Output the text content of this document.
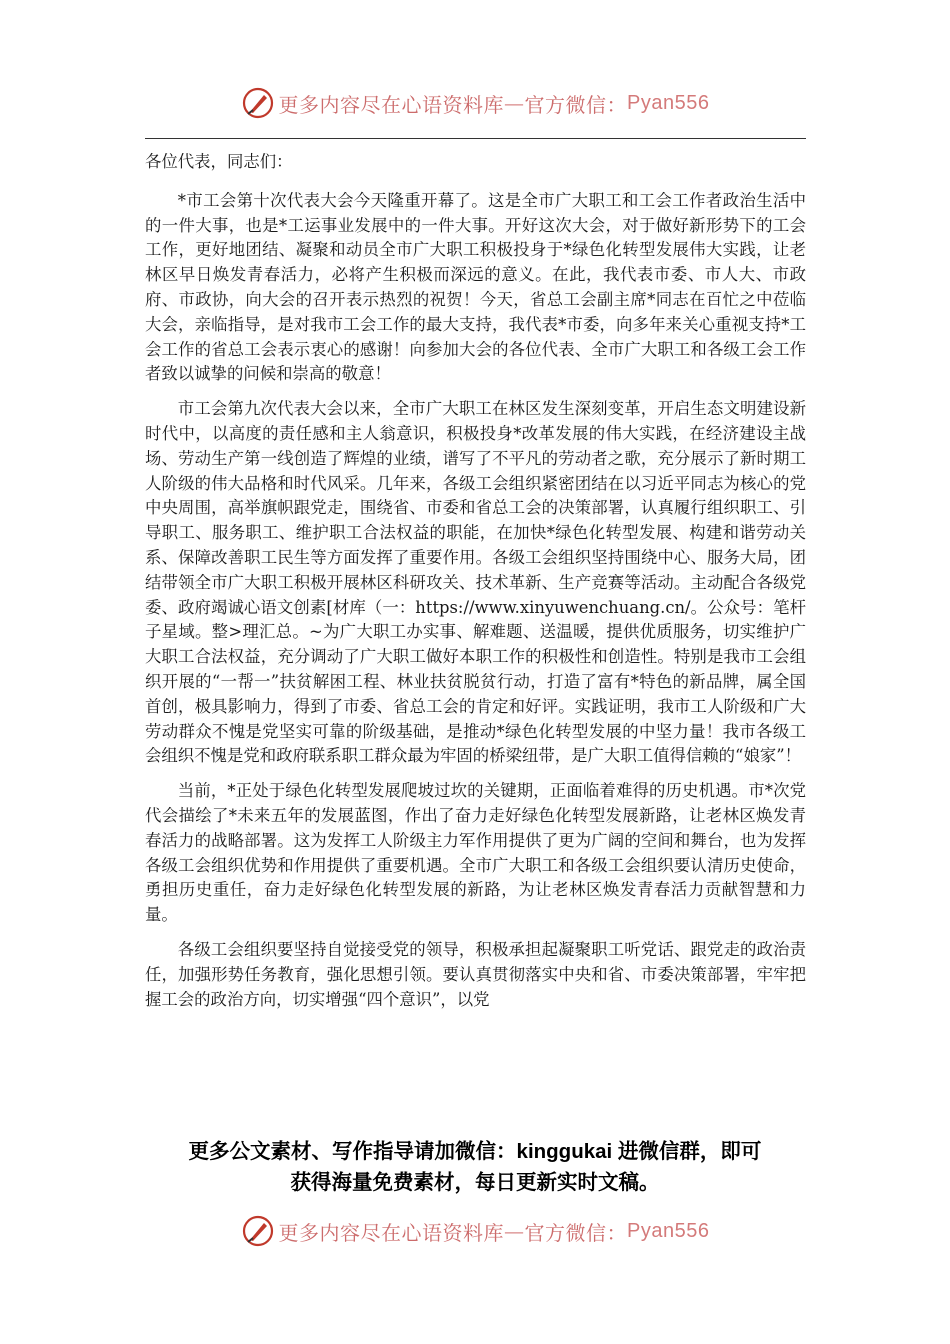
更多内容尽在心语资料库 — 官方微信： Pyan556

各位代表，同志们：

*市工会第十次代表大会今天隆重开幕了。这是全市广大职工和工会工作者政治生活中的一件大事，也是*工运事业发展中的一件大事。开好这次大会，对于做好新形势下的工会工作，更好地团结、凝聚和动员全市广大职工积极投身于*绿色化转型发展伟大实践，让老林区早日焕发青春活力，必将产生积极而深远的意义。在此，我代表市委、市人大、市政府、市政协，向大会的召开表示热烈的祝贺！今天，省总工会副主席*同志在百忙之中莅临大会，亲临指导，是对我市工会工作的最大支持，我代表*市委，向多年来关心重视支持*工会工作的省总工会表示衷心的感谢！向参加大会的各位代表、全市广大职工和各级工会工作者致以诚挚的问候和崇高的敬意！

市工会第九次代表大会以来，全市广大职工在林区发生深刻变革，开启生态文明建设新时代中，以高度的责任感和主人翁意识，积极投身*改革发展的伟大实践，在经济建设主战场、劳动生产第一线创造了辉煌的业绩，谱写了不平凡的劳动者之歌，充分展示了新时期工人阶级的伟大品格和时代风采。几年来，各级工会组织紧密团结在以习近平同志为核心的党中央周围，高举旗帜跟党走，围绕省、市委和省总工会的决策部署，认真履行组织职工、引导职工、服务职工、维护职工合法权益的职能，在加快*绿色化转型发展、构建和谐劳动关系、保障改善职工民生等方面发挥了重要作用。各级工会组织坚持围绕中心、服务大局，团结带领全市广大职工积极开展林区科研攻关、技术革新、生产竞赛等活动。主动配合各级党委、政府竭诚心语文创素[材库（一：https://www.xinyuwenchuang.cn/。公众号：笔杆子星域。整>理汇总。~为广大职工办实事、解难题、送温暖，提供优质服务，切实维护广大职工合法权益，充分调动了广大职工做好本职工作的积极性和创造性。特别是我市工会组织开展的“一帮一”扶贫解困工程、林业扶贫脱贫行动，打造了富有*特色的新品牌，属全国首创，极具影响力，得到了市委、省总工会的肯定和好评。实践证明，我市工人阶级和广大劳动群众不愧是党坚实可靠的阶级基础，是推动*绿色化转型发展的中坚力量！我市各级工会组织不愧是党和政府联系职工群众最为牢固的桥梁纽带，是广大职工值得信赖的“娘家”！

当前，*正处于绿色化转型发展爬坡过坎的关键期，正面临着难得的历史机遇。市*次党代会描绘了*未来五年的发展蓝图，作出了奋力走好绿色化转型发展新路，让老林区焕发青春活力的战略部署。这为发挥工人阶级主力军作用提供了更为广阔的空间和舞台，也为发挥各级工会组织优势和作用提供了重要机遇。全市广大职工和各级工会组织要认清历史使命，勇担历史重任，奋力走好绿色化转型发展的新路，为让老林区焕发青春活力贡献智慧和力量。

各级工会组织要坚持自觉接受党的领导，积极承担起凝聚职工听党话、跟党走的政治责任，加强形势任务教育，强化思想引领。要认真贯彻落实中央和省、市委决策部署，牢牢把握工会的政治方向，切实增强“四个意识”，以党

更多公文素材、写作指导请加微信：kinggukai 进微信群，即可
获得海量免费素材，每日更新实时文稿。
更多内容尽在心语资料库 — 官方微信： Pyan556
